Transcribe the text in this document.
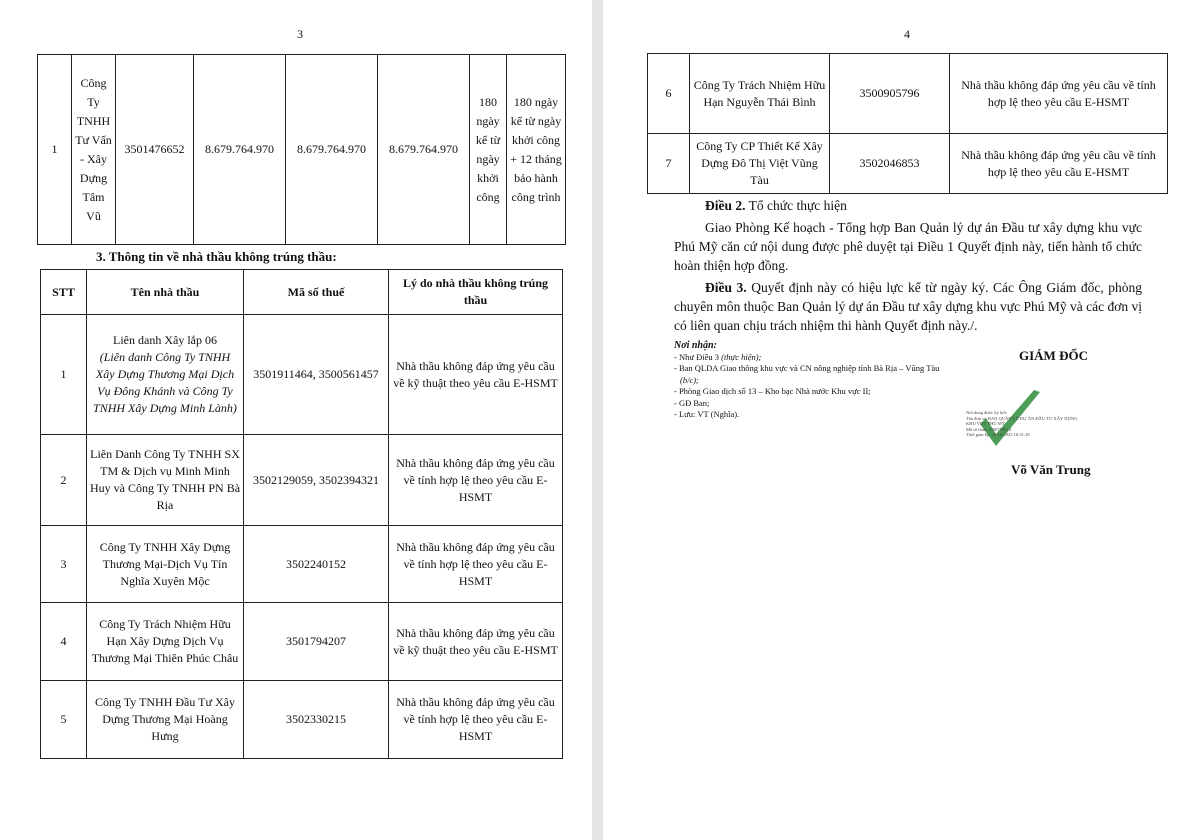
3
1	Công Ty TNHH Tư Vấn - Xây Dựng Tâm Vũ	3501476652	8.679.764.970	8.679.764.970	8.679.764.970	180 ngày kể từ ngày khởi công	180 ngày kể từ ngày khởi công + 12 tháng bảo hành công trình
3. Thông tin về nhà thầu không trúng thầu:
STT	Tên nhà thầu	Mã số thuế	Lý do nhà thầu không trúng thầu
1	Liên danh Xây lắp 06
(Liên danh Công Ty TNHH Xây Dựng Thương Mại Dịch Vụ Đông Khánh và Công Ty TNHH Xây Dựng Minh Lành)	3501911464, 3500561457	Nhà thầu không đáp ứng yêu cầu về kỹ thuật theo yêu cầu E-HSMT
2	Liên Danh Công Ty TNHH SX TM & Dịch vụ Minh Minh Huy và Công Ty TNHH PN Bà Rịa	3502129059, 3502394321	Nhà thầu không đáp ứng yêu cầu về tính hợp lệ theo yêu cầu E-HSMT
3	Công Ty TNHH Xây Dựng Thương Mại-Dịch Vụ Tín Nghĩa Xuyên Mộc	3502240152	Nhà thầu không đáp ứng yêu cầu về tính hợp lệ theo yêu cầu E-HSMT
4	Công Ty Trách Nhiệm Hữu Hạn Xây Dựng Dịch Vụ Thương Mại Thiên Phúc Châu	3501794207	Nhà thầu không đáp ứng yêu cầu về kỹ thuật theo yêu cầu E-HSMT
5	Công Ty TNHH Đầu Tư Xây Dựng Thương Mại Hoàng Hưng	3502330215	Nhà thầu không đáp ứng yêu cầu về tính hợp lệ theo yêu cầu E-HSMT
4
6	Công Ty Trách Nhiệm Hữu Hạn Nguyễn Thái Bình	3500905796	Nhà thầu không đáp ứng yêu cầu về tính hợp lệ theo yêu cầu E-HSMT
7	Công Ty CP Thiết Kế Xây Dựng Đô Thị Việt Vũng Tàu	3502046853	Nhà thầu không đáp ứng yêu cầu về tính hợp lệ theo yêu cầu E-HSMT
Điều 2. Tổ chức thực hiện
Giao Phòng Kế hoạch - Tổng hợp Ban Quản lý dự án Đầu tư xây dựng khu vực Phú Mỹ căn cứ nội dung được phê duyệt tại Điều 1 Quyết định này, tiến hành tổ chức hoàn thiện hợp đồng.
Điều 3. Quyết định này có hiệu lực kể từ ngày ký. Các Ông Giám đốc, phòng chuyên môn thuộc Ban Quản lý dự án Đầu tư xây dựng khu vực Phú Mỹ và các đơn vị có liên quan chịu trách nhiệm thi hành Quyết định này./.
Nơi nhận:
- Như Điều 3 (thực hiện);
- Ban QLDA Giao thông khu vực và CN nông nghiệp tỉnh Bà Rịa – Vũng Tàu (b/c);
- Phòng Giao dịch số 13 – Kho bạc Nhà nước Khu vực II;
- GĐ Ban;
- Lưu: VT (Nghĩa).
GIÁM ĐỐC
Nơi dung được ký bởi:
Tên đơn vị: BAN QUẢN LÝ DỰ ÁN ĐẦU TƯ XÂY DỰNG KHU VỰC PHÚ MỸ
Mã số thuế: 3500778914
Thời gian ký: 22-10-2025 16:31:28
Võ Văn Trung
